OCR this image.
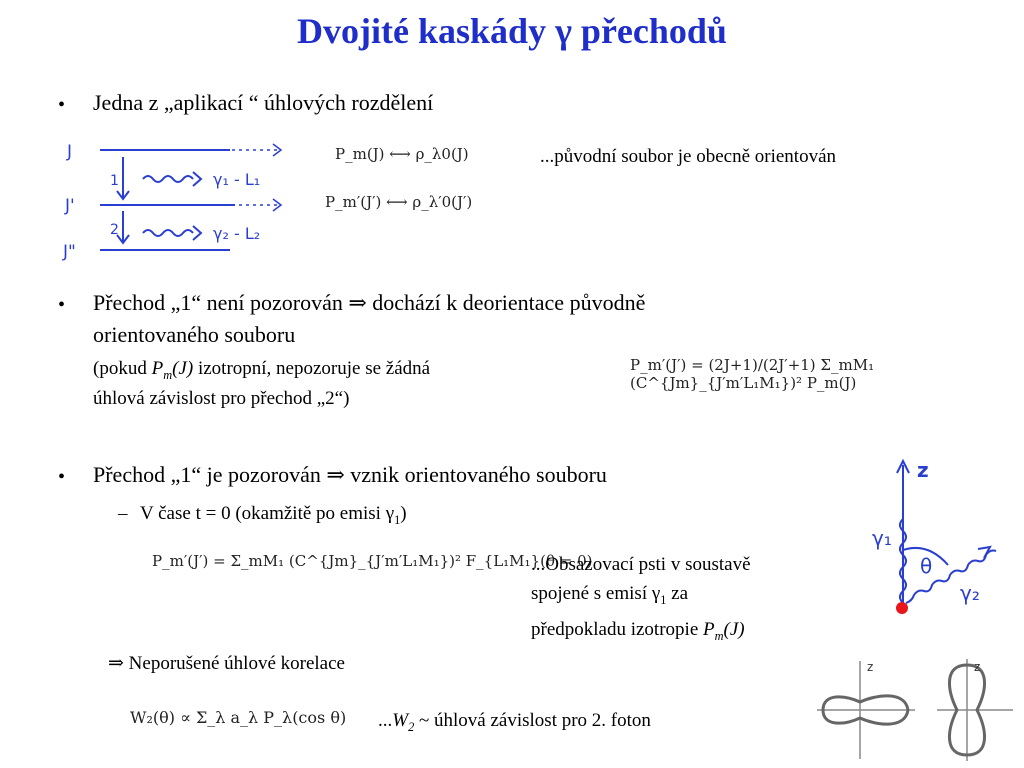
Dvojité kaskády γ přechodů
• Jedna z „aplikací “ úhlových rozdělení
J
J'
J"
1
2
γ₁ - L₁
γ₂ - L₂
P_m(J) ⟷ ρ_λ0(J)
P_m′(J′) ⟷ ρ_λ′0(J′)
...původní soubor je obecně orientován
• Přechod „1“ není pozorován ⇒ dochází k deorientace původně
orientovaného souboru
(pokud $P_m(J)$ izotropní, nepozoruje se žádná
úhlová závislost pro přechod „2“)
P_m′(J′) = (2J+1)/(2J′+1) Σ_mM₁ (C^{Jm}_{J′m′L₁M₁})² P_m(J)
• Přechod „1“ je pozorován ⇒ vznik orientovaného souboru
– V čase t = 0 (okamžitě po emisi $\gamma_1$)
P_m′(J′) = Σ_mM₁ (C^{Jm}_{J′m′L₁M₁})² F_{L₁M₁}(θ = 0)
...Obsazovací psti v soustavě
spojené s emisí $\gamma_1$ za
předpokladu izotropie $P_m(J)$
z
γ₁
γ₂
θ
⇒ Neporušené úhlové korelace
W₂(θ) ∝ Σ_λ a_λ P_λ(cos θ) $...W_2$ ~ úhlová závislost pro 2. foton
z	z
